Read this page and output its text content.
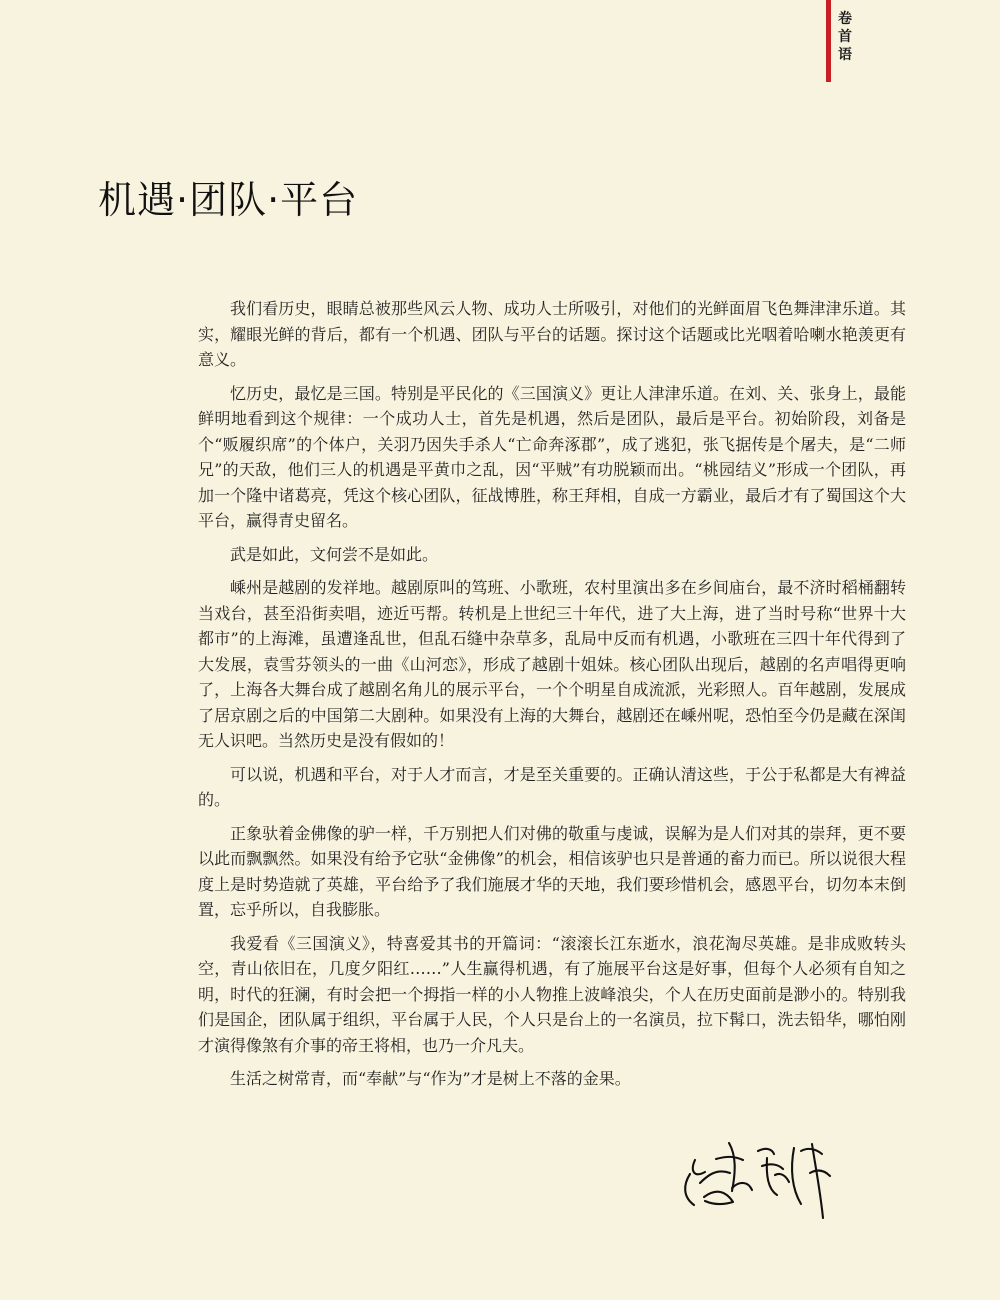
卷首语
机遇·团队·平台

我们看历史，眼睛总被那些风云人物、成功人士所吸引，对他们的光鲜面眉飞色舞津津乐道。其实，耀眼光鲜的背后，都有一个机遇、团队与平台的话题。探讨这个话题或比光咽着哈喇水艳羡更有意义。

忆历史，最忆是三国。特别是平民化的《三国演义》更让人津津乐道。在刘、关、张身上，最能鲜明地看到这个规律：一个成功人士，首先是机遇，然后是团队，最后是平台。初始阶段，刘备是个“贩履织席”的个体户，关羽乃因失手杀人“亡命奔涿郡”，成了逃犯，张飞据传是个屠夫，是“二师兄”的天敌，他们三人的机遇是平黄巾之乱，因“平贼”有功脱颖而出。“桃园结义”形成一个团队，再加一个隆中诸葛亮，凭这个核心团队，征战博胜，称王拜相，自成一方霸业，最后才有了蜀国这个大平台，赢得青史留名。

武是如此，文何尝不是如此。

嵊州是越剧的发祥地。越剧原叫的笃班、小歌班，农村里演出多在乡间庙台，最不济时稻桶翻转当戏台，甚至沿街卖唱，迹近丐帮。转机是上世纪三十年代，进了大上海，进了当时号称“世界十大都市”的上海滩，虽遭逢乱世，但乱石缝中杂草多，乱局中反而有机遇，小歌班在三四十年代得到了大发展，袁雪芬领头的一曲《山河恋》，形成了越剧十姐妹。核心团队出现后，越剧的名声唱得更响了，上海各大舞台成了越剧名角儿的展示平台，一个个明星自成流派，光彩照人。百年越剧，发展成了居京剧之后的中国第二大剧种。如果没有上海的大舞台，越剧还在嵊州呢，恐怕至今仍是藏在深闺无人识吧。当然历史是没有假如的！

可以说，机遇和平台，对于人才而言，才是至关重要的。正确认清这些，于公于私都是大有裨益的。

正象驮着金佛像的驴一样，千万别把人们对佛的敬重与虔诚，误解为是人们对其的崇拜，更不要以此而飘飘然。如果没有给予它驮“金佛像”的机会，相信该驴也只是普通的畜力而已。所以说很大程度上是时势造就了英雄，平台给予了我们施展才华的天地，我们要珍惜机会，感恩平台，切勿本末倒置，忘乎所以，自我膨胀。

我爱看《三国演义》，特喜爱其书的开篇词：“滚滚长江东逝水，浪花淘尽英雄。是非成败转头空，青山依旧在，几度夕阳红……”人生赢得机遇，有了施展平台这是好事，但每个人必须有自知之明，时代的狂澜，有时会把一个拇指一样的小人物推上波峰浪尖，个人在历史面前是渺小的。特别我们是国企，团队属于组织，平台属于人民，个人只是台上的一名演员，拉下髯口，洗去铅华，哪怕刚才演得像煞有介事的帝王将相，也乃一介凡夫。

生活之树常青，而“奉献”与“作为”才是树上不落的金果。
